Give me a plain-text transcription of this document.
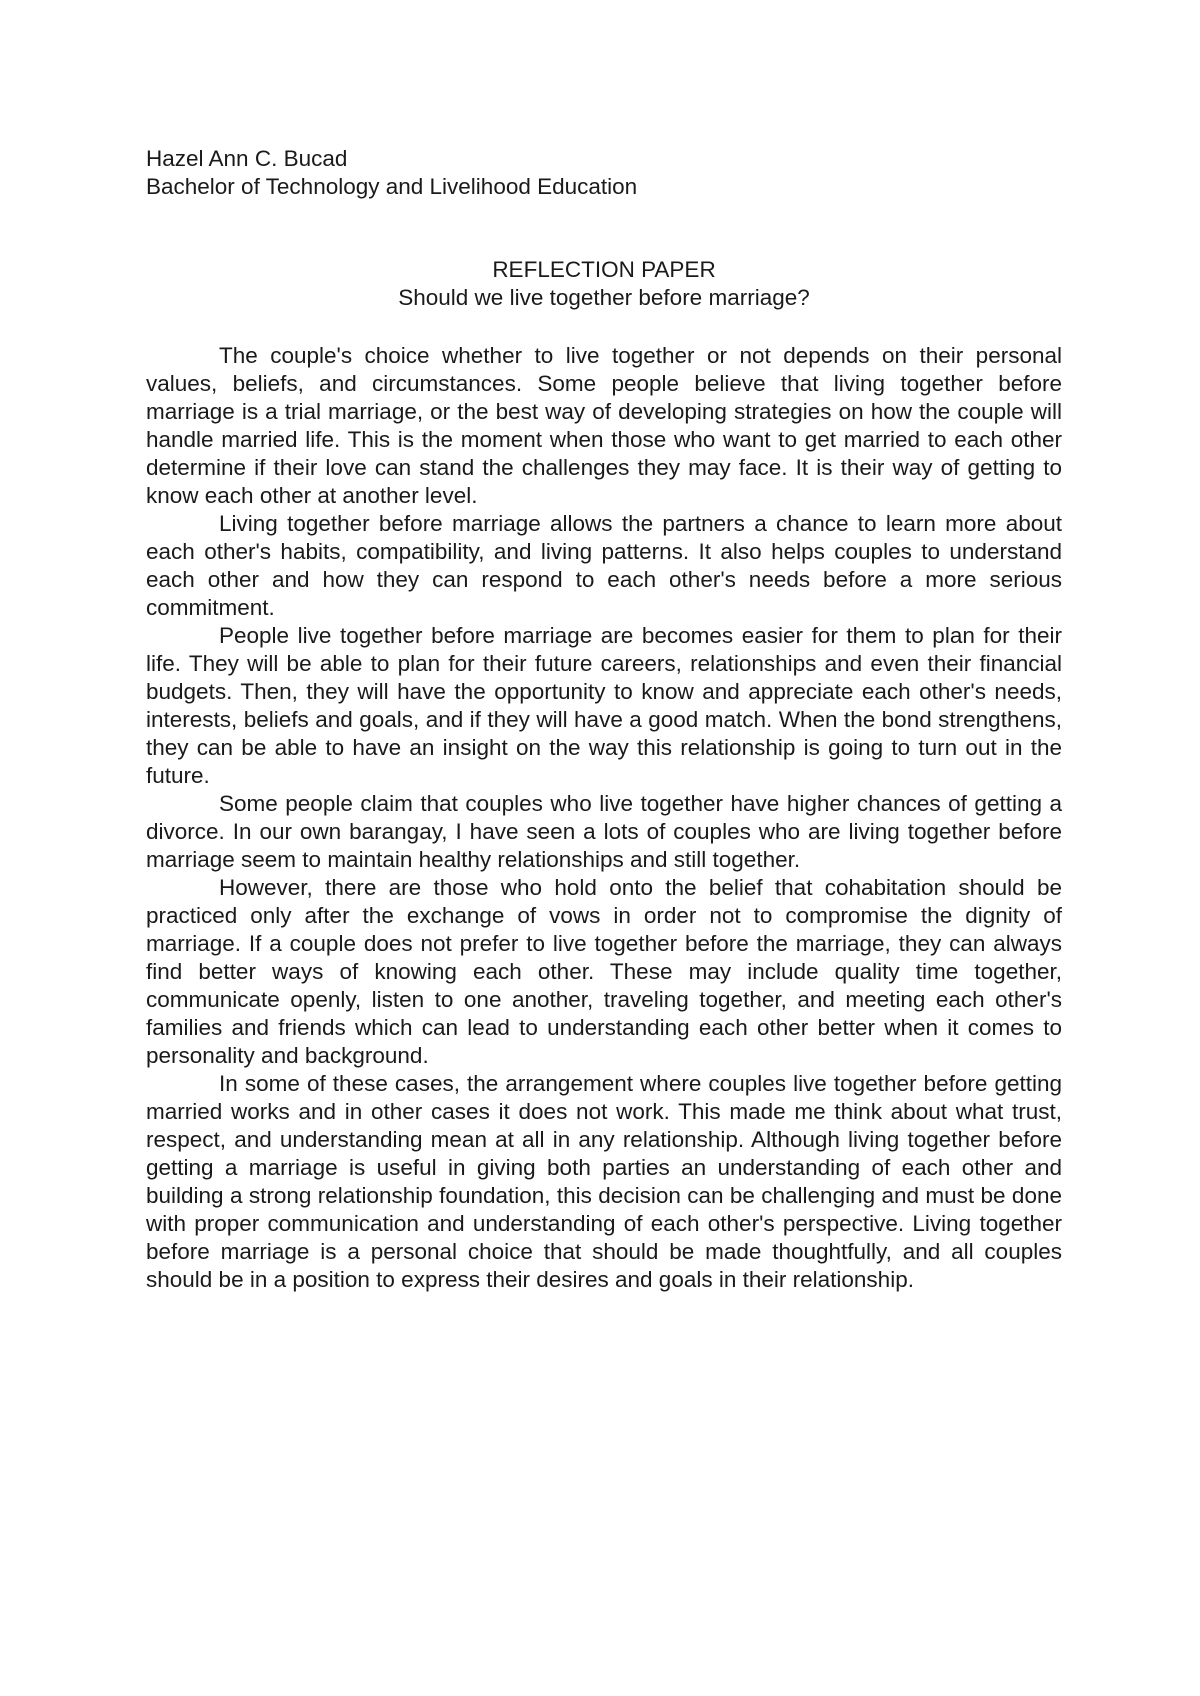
Hazel Ann C. Bucad
Bachelor of Technology and Livelihood Education
REFLECTION PAPER
Should we live together before marriage?

The couple's choice whether to live together or not depends on their personal values, beliefs, and circumstances. Some people believe that living together before marriage is a trial marriage, or the best way of developing strategies on how the couple will handle married life. This is the moment when those who want to get married to each other determine if their love can stand the challenges they may face. It is their way of getting to know each other at another level.

Living together before marriage allows the partners a chance to learn more about each other's habits, compatibility, and living patterns. It also helps couples to understand each other and how they can respond to each other's needs before a more serious commitment.

People live together before marriage are becomes easier for them to plan for their life. They will be able to plan for their future careers, relationships and even their financial budgets. Then, they will have the opportunity to know and appreciate each other's needs, interests, beliefs and goals, and if they will have a good match. When the bond strengthens, they can be able to have an insight on the way this relationship is going to turn out in the future.

Some people claim that couples who live together have higher chances of getting a divorce. In our own barangay, I have seen a lots of couples who are living together before marriage seem to maintain healthy relationships and still together.

However, there are those who hold onto the belief that cohabitation should be practiced only after the exchange of vows in order not to compromise the dignity of marriage. If a couple does not prefer to live together before the marriage, they can always find better ways of knowing each other. These may include quality time together, communicate openly, listen to one another, traveling together, and meeting each other's families and friends which can lead to understanding each other better when it comes to personality and background.

In some of these cases, the arrangement where couples live together before getting married works and in other cases it does not work. This made me think about what trust, respect, and understanding mean at all in any relationship. Although living together before getting a marriage is useful in giving both parties an understanding of each other and building a strong relationship foundation, this decision can be challenging and must be done with proper communication and understanding of each other's perspective. Living together before marriage is a personal choice that should be made thoughtfully, and all couples should be in a position to express their desires and goals in their relationship.
